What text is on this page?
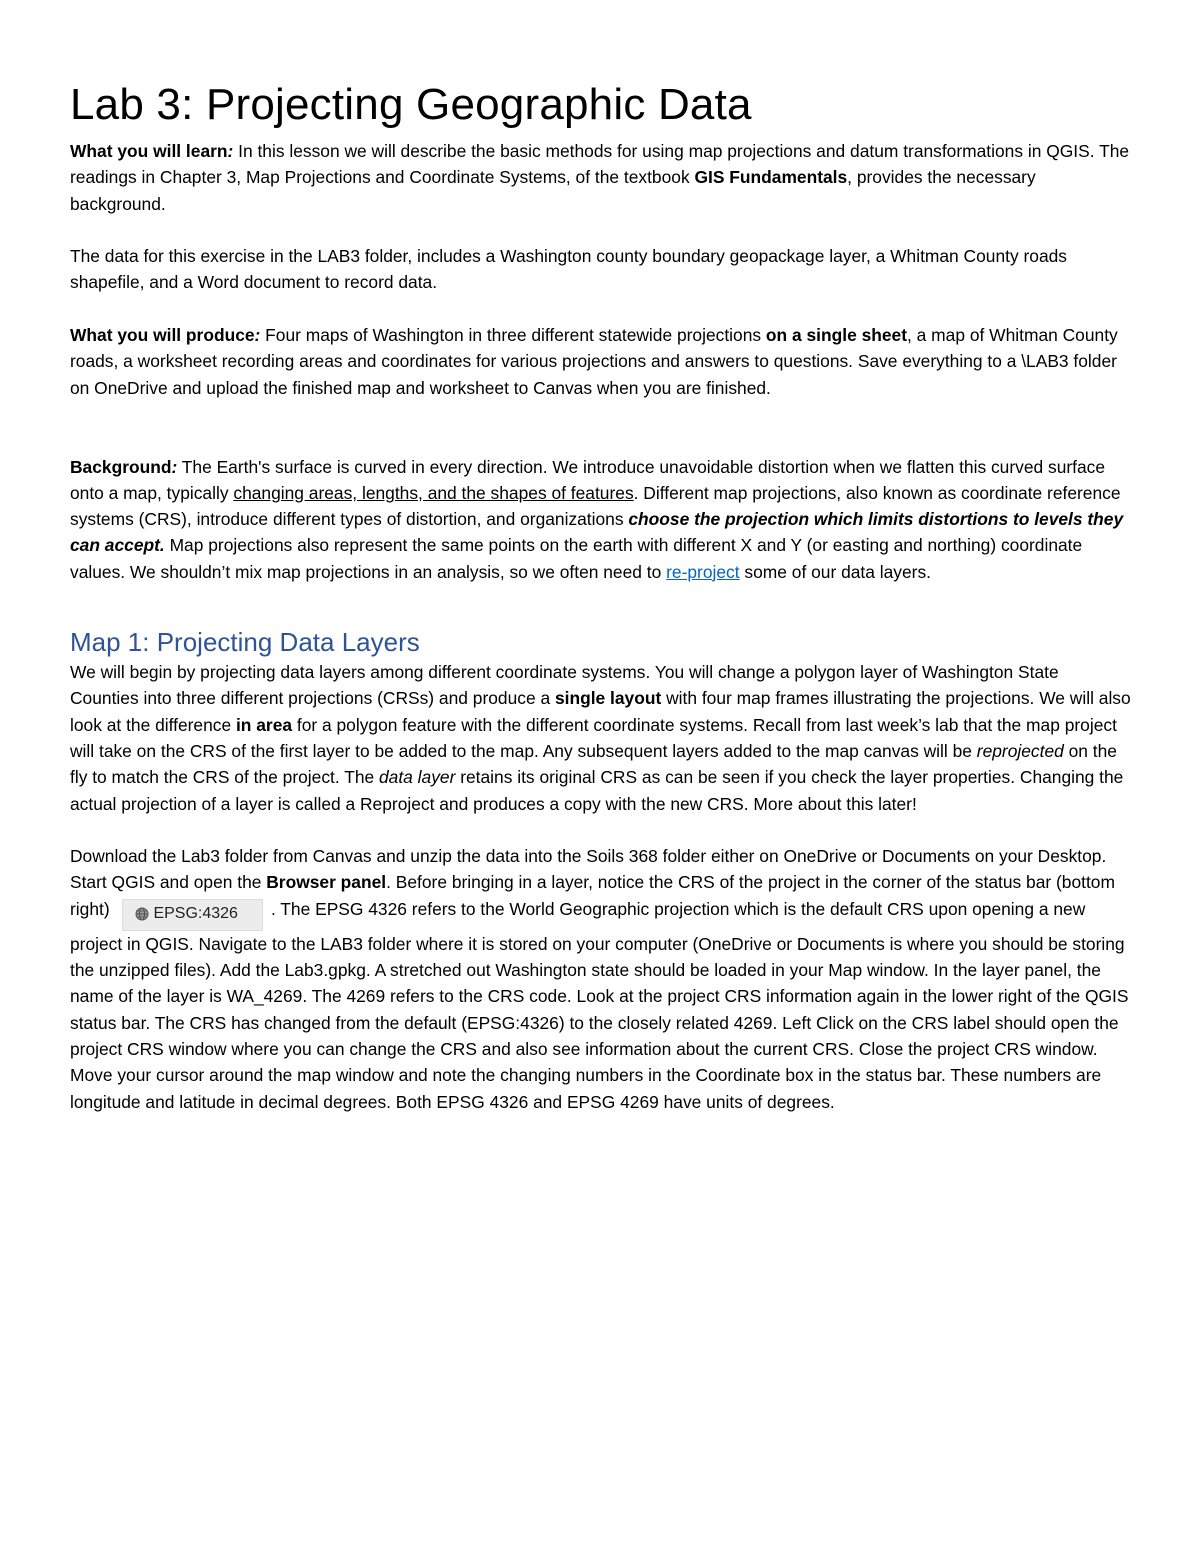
Lab 3: Projecting Geographic Data

What you will learn: In this lesson we will describe the basic methods for using map projections and datum transformations in QGIS. The readings in Chapter 3, Map Projections and Coordinate Systems, of the textbook GIS Fundamentals, provides the necessary background.

The data for this exercise in the LAB3 folder, includes a Washington county boundary geopackage layer, a Whitman County roads shapefile, and a Word document to record data.

What you will produce: Four maps of Washington in three different statewide projections on a single sheet, a map of Whitman County roads, a worksheet recording areas and coordinates for various projections and answers to questions. Save everything to a \LAB3 folder on OneDrive and upload the finished map and worksheet to Canvas when you are finished.

Background: The Earth's surface is curved in every direction. We introduce unavoidable distortion when we flatten this curved surface onto a map, typically changing areas, lengths, and the shapes of features. Different map projections, also known as coordinate reference systems (CRS), introduce different types of distortion, and organizations choose the projection which limits distortions to levels they can accept. Map projections also represent the same points on the earth with different X and Y (or easting and northing) coordinate values. We shouldn’t mix map projections in an analysis, so we often need to re-project some of our data layers.

Map 1: Projecting Data Layers

We will begin by projecting data layers among different coordinate systems. You will change a polygon layer of Washington State Counties into three different projections (CRSs) and produce a single layout with four map frames illustrating the projections. We will also look at the difference in area for a polygon feature with the different coordinate systems. Recall from last week’s lab that the map project will take on the CRS of the first layer to be added to the map. Any subsequent layers added to the map canvas will be reprojected on the fly to match the CRS of the project. The data layer retains its original CRS as can be seen if you check the layer properties. Changing the actual projection of a layer is called a Reproject and produces a copy with the new CRS. More about this later!

Download the Lab3 folder from Canvas and unzip the data into the Soils 368 folder either on OneDrive or Documents on your Desktop. Start QGIS and open the Browser panel. Before bringing in a layer, notice the CRS of the project in the corner of the status bar (bottom right) EPSG:4326 . The EPSG 4326 refers to the World Geographic projection which is the default CRS upon opening a new project in QGIS. Navigate to the LAB3 folder where it is stored on your computer (OneDrive or Documents is where you should be storing the unzipped files). Add the Lab3.gpkg. A stretched out Washington state should be loaded in your Map window. In the layer panel, the name of the layer is WA_4269. The 4269 refers to the CRS code. Look at the project CRS information again in the lower right of the QGIS status bar. The CRS has changed from the default (EPSG:4326) to the closely related 4269. Left Click on the CRS label should open the project CRS window where you can change the CRS and also see information about the current CRS. Close the project CRS window.

Move your cursor around the map window and note the changing numbers in the Coordinate box in the status bar. These numbers are longitude and latitude in decimal degrees. Both EPSG 4326 and EPSG 4269 have units of degrees.
